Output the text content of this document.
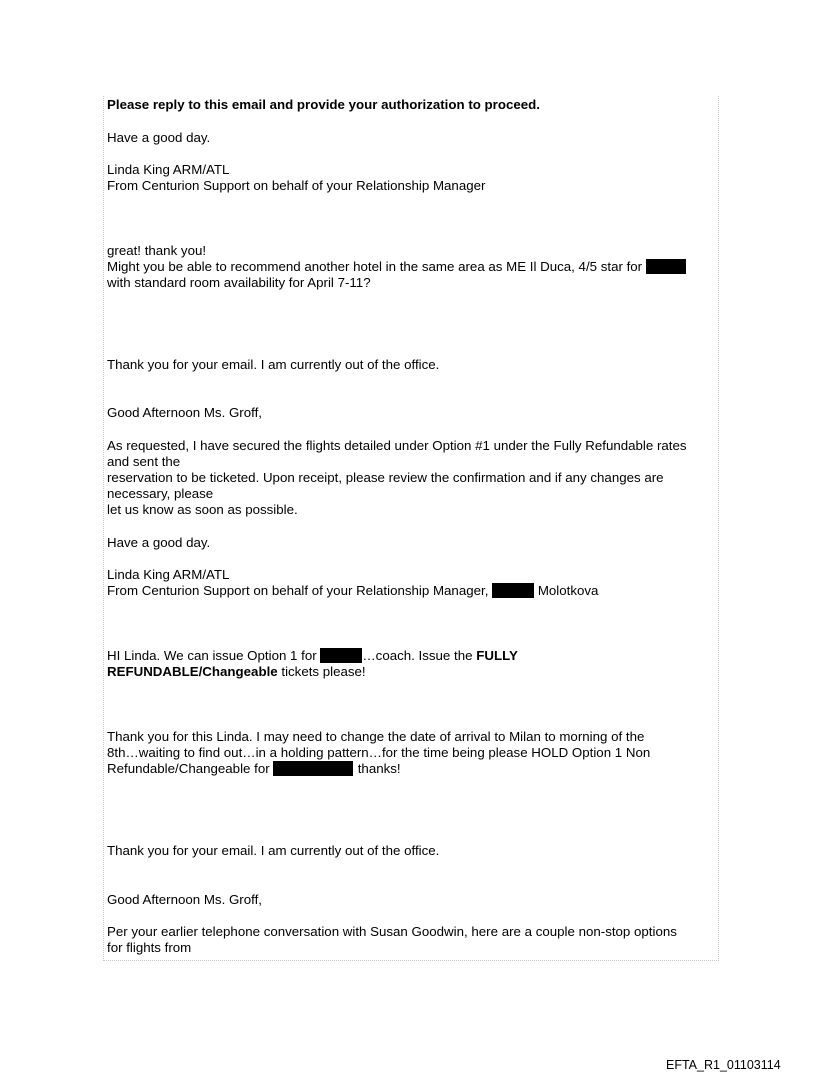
Please reply to this email and provide your authorization to proceed.
Have a good day.
Linda King ARM/ATL
From Centurion Support on behalf of your Relationship Manager
great! thank you!
Might you be able to recommend another hotel in the same area as ME Il Duca, 4/5 star for
with standard room availability for April 7-11?
Thank you for your email. I am currently out of the office.
Good Afternoon Ms. Groff,
As requested, I have secured the flights detailed under Option #1 under the Fully Refundable rates
and sent the
reservation to be ticketed. Upon receipt, please review the confirmation and if any changes are
necessary, please
let us know as soon as possible.
Have a good day.
Linda King ARM/ATL
From Centurion Support on behalf of your Relationship Manager,	Molotkova
HI Linda. We can issue Option 1 for	…coach. Issue the FULLY
REFUNDABLE/Changeable tickets please!
Thank you for this Linda. I may need to change the date of arrival to Milan to morning of the
8th…waiting to find out…in a holding pattern…for the time being please HOLD Option 1 Non
Refundable/Changeable for	. thanks!
Thank you for your email. I am currently out of the office.
Good Afternoon Ms. Groff,
Per your earlier telephone conversation with Susan Goodwin, here are a couple non-stop options
for flights from
EFTA_R1_01103114
